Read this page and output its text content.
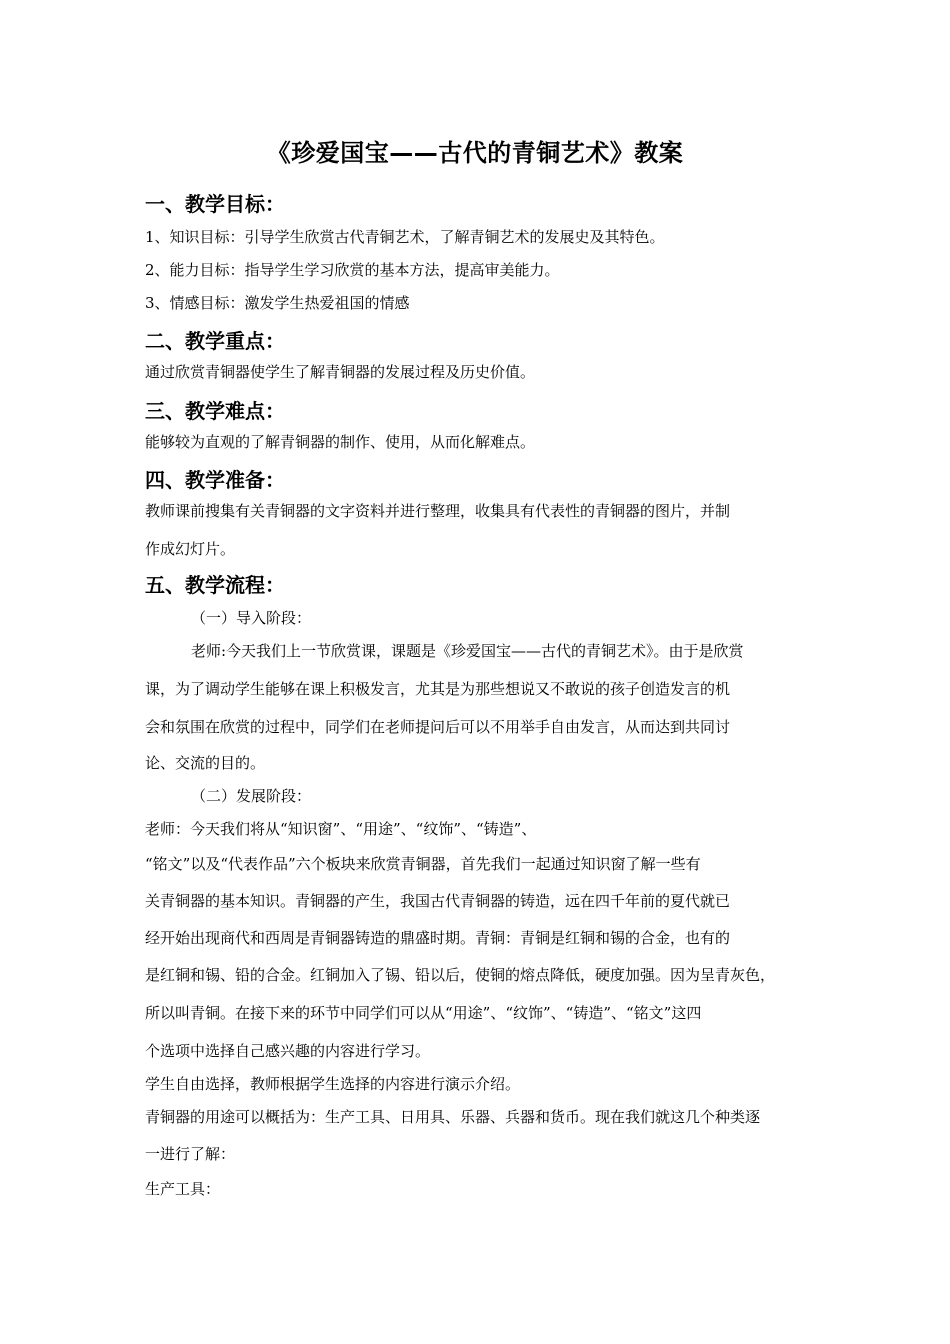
《珍爱国宝——古代的青铜艺术》教案
一、教学目标：
1、知识目标：引导学生欣赏古代青铜艺术，了解青铜艺术的发展史及其特色。
2、能力目标：指导学生学习欣赏的基本方法，提高审美能力。
3、情感目标：激发学生热爱祖国的情感
二、教学重点：
通过欣赏青铜器使学生了解青铜器的发展过程及历史价值。
三、教学难点：
能够较为直观的了解青铜器的制作、使用，从而化解难点。
四、教学准备：
教师课前搜集有关青铜器的文字资料并进行整理，收集具有代表性的青铜器的图片，并制
作成幻灯片。
五、教学流程：
（一）导入阶段：
老师:今天我们上一节欣赏课，课题是《珍爱国宝——古代的青铜艺术》。由于是欣赏
课，为了调动学生能够在课上积极发言，尤其是为那些想说又不敢说的孩子创造发言的机
会和氛围在欣赏的过程中，同学们在老师提问后可以不用举手自由发言，从而达到共同讨
论、交流的目的。
（二）发展阶段：
老师：今天我们将从“知识窗”、“用途”、“纹饰”、“铸造”、
“铭文”以及“代表作品”六个板块来欣赏青铜器，首先我们一起通过知识窗了解一些有
关青铜器的基本知识。青铜器的产生，我国古代青铜器的铸造，远在四千年前的夏代就已
经开始出现商代和西周是青铜器铸造的鼎盛时期。青铜：青铜是红铜和锡的合金，也有的
是红铜和锡、铅的合金。红铜加入了锡、铅以后，使铜的熔点降低，硬度加强。因为呈青灰色，
所以叫青铜。在接下来的环节中同学们可以从“用途”、“纹饰”、“铸造”、“铭文”这四
个选项中选择自己感兴趣的内容进行学习。
学生自由选择，教师根据学生选择的内容进行演示介绍。
青铜器的用途可以概括为：生产工具、日用具、乐器、兵器和货币。现在我们就这几个种类逐
一进行了解：
生产工具：
